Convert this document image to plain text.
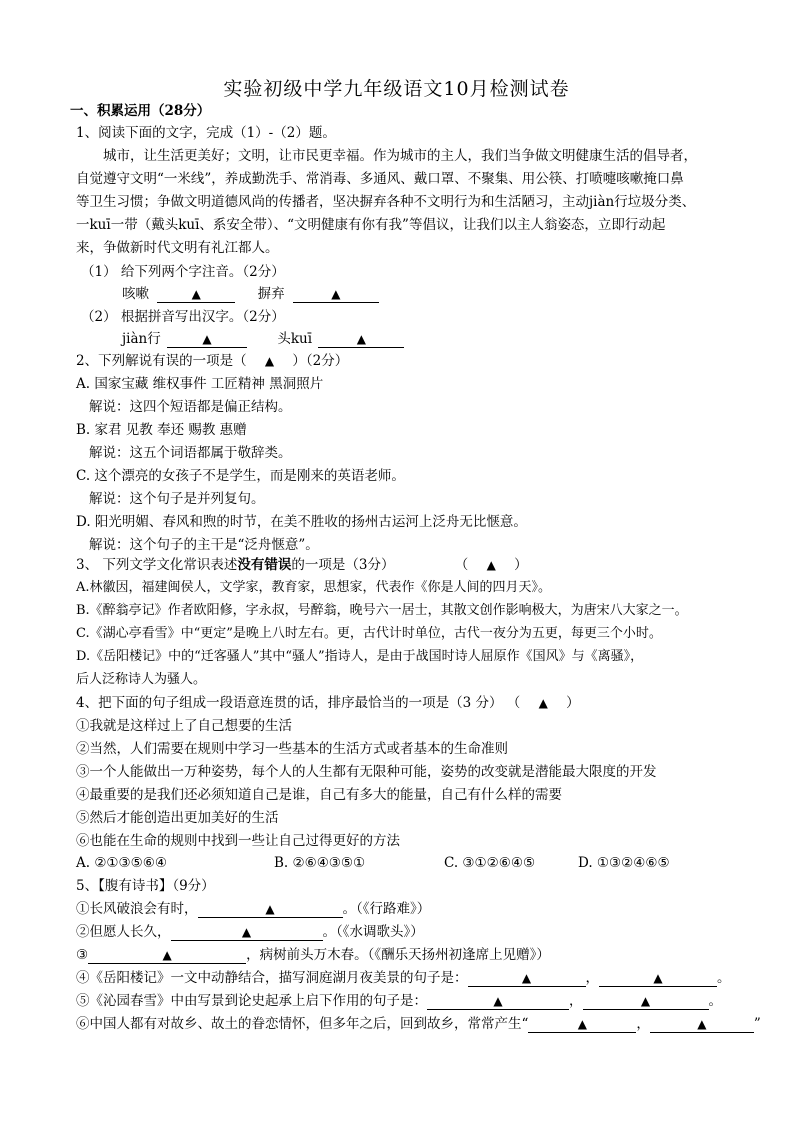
实验初级中学九年级语文10月检测试卷
一、积累运用（28分）
1、阅读下面的文字，完成（1）-（2）题。
城市，让生活更美好；文明，让市民更幸福。作为城市的主人，我们当争做文明健康生活的倡导者，
自觉遵守文明“一米线”，养成勤洗手、常消毒、多通风、戴口罩、不聚集、用公筷、打喷嚏咳嗽掩口鼻
等卫生习惯；争做文明道德风尚的传播者，坚决摒弃各种不文明行为和生活陋习，主动jiàn行垃圾分类、
一kuī一带（戴头kuī、系安全带）、“文明健康有你有我”等倡议，让我们以主人翁姿态，立即行动起
来，争做新时代文明有礼江都人。
（1） 给下列两个字注音。（2分）
咳嗽	▲	摒弃	▲
（2） 根据拼音写出汉字。（2分）
jiàn行	▲	头kuī	▲
2、下列解说有误的一项是（ ▲ ）（2分）
A. 国家宝藏 维权事件 工匠精神 黑洞照片
解说：这四个短语都是偏正结构。
B. 家君 见教 奉还 赐教 惠赠
解说：这五个词语都属于敬辞类。
C. 这个漂亮的女孩子不是学生，而是刚来的英语老师。
解说：这个句子是并列复句。
D. 阳光明媚、春风和煦的时节，在美不胜收的扬州古运河上泛舟无比惬意。
解说：这个句子的主干是“泛舟惬意”。
3、 下列文学文化常识表述没有错误的一项是（3分）	（ ▲ ）
A.林徽因，福建闽侯人，文学家，教育家，思想家，代表作《你是人间的四月天》。
B.《醉翁亭记》作者欧阳修，字永叔，号醉翁，晚号六一居士，其散文创作影响极大，为唐宋八大家之一。
C.《湖心亭看雪》中“更定”是晚上八时左右。更，古代计时单位，古代一夜分为五更，每更三个小时。
D.《岳阳楼记》中的“迁客骚人”其中“骚人”指诗人，是由于战国时诗人屈原作《国风》与《离骚》，
后人泛称诗人为骚人。
4、把下面的句子组成一段语意连贯的话，排序最恰当的一项是（3 分） （ ▲ ）
①我就是这样过上了自己想要的生活
②当然，人们需要在规则中学习一些基本的生活方式或者基本的生命准则
③一个人能做出一万种姿势，每个人的人生都有无限种可能，姿势的改变就是潜能最大限度的开发
④最重要的是我们还必须知道自己是谁，自己有多大的能量，自己有什么样的需要
⑤然后才能创造出更加美好的生活
⑥也能在生命的规则中找到一些让自己过得更好的方法
A. ②①③⑤⑥④	B. ②⑥④③⑤①	C. ③①②⑥④⑤	D. ①③②④⑥⑤
5、【腹有诗书】（9分）
①长风破浪会有时，	▲	。（《行路难》）
②但愿人长久，	▲	。（《水调歌头》）
③	▲	，病树前头万木春。（《酬乐天扬州初逢席上见赠》）
④《岳阳楼记》一文中动静结合，描写洞庭湖月夜美景的句子是：	▲	，	▲	。
⑤《沁园春雪》中由写景到论史起承上启下作用的句子是：	▲	，	▲	。
⑥中国人都有对故乡、故土的眷恋情怀，但多年之后，回到故乡，常常产生“	▲	，	▲	”
